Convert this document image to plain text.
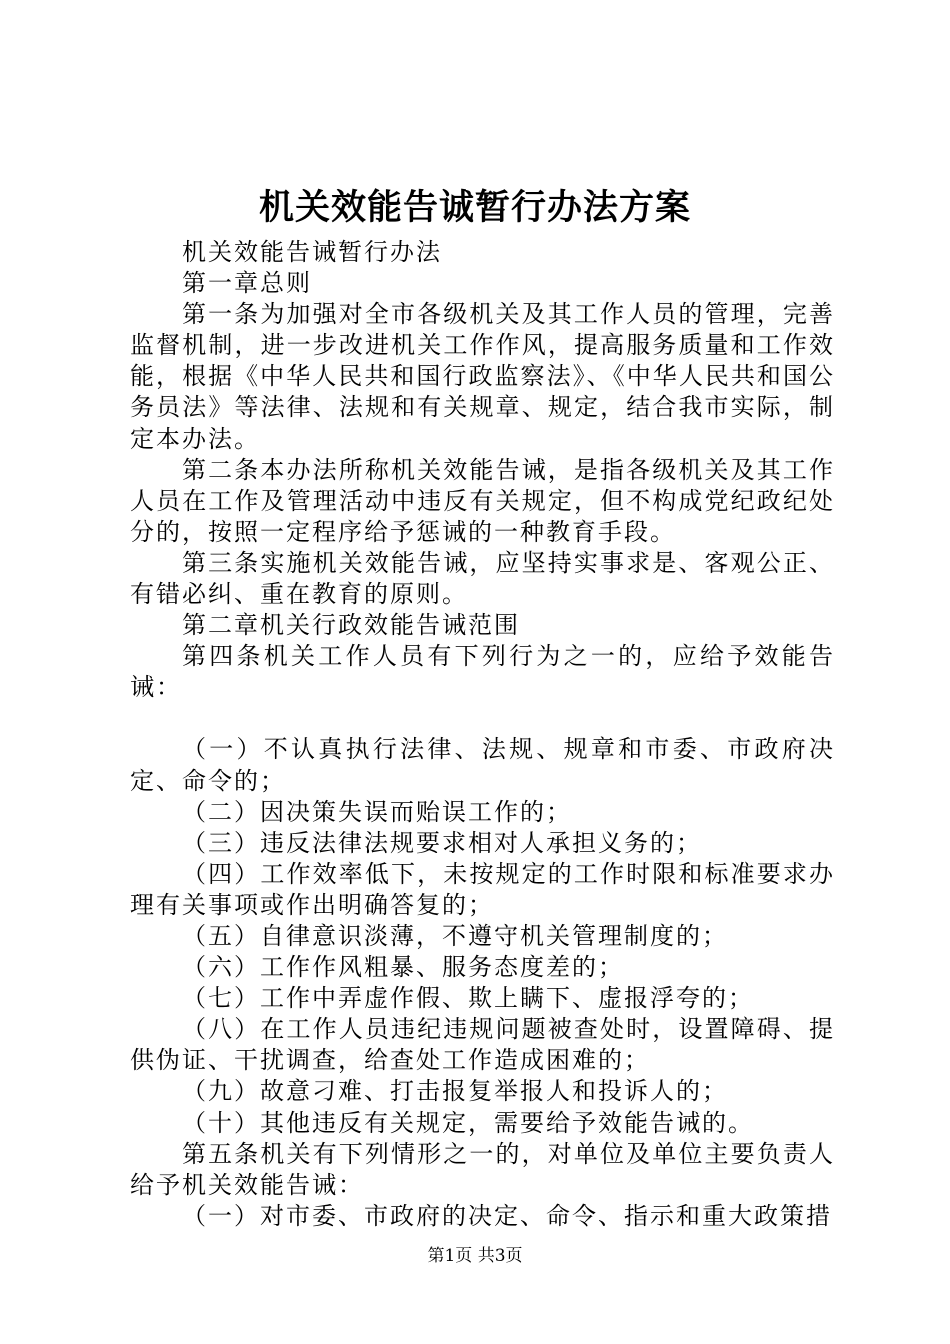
机关效能告诚暂行办法方案

机关效能告诫暂行办法

第一章总则

第一条为加强对全市各级机关及其工作人员的管理，完善监督机制，进一步改进机关工作作风，提高服务质量和工作效能，根据《中华人民共和国行政监察法》、《中华人民共和国公务员法》等法律、法规和有关规章、规定，结合我市实际，制定本办法。

第二条本办法所称机关效能告诫，是指各级机关及其工作人员在工作及管理活动中违反有关规定，但不构成党纪政纪处分的，按照一定程序给予惩诫的一种教育手段。

第三条实施机关效能告诫，应坚持实事求是、客观公正、有错必纠、重在教育的原则。

第二章机关行政效能告诫范围

第四条机关工作人员有下列行为之一的，应给予效能告诫：

（一）不认真执行法律、法规、规章和市委、市政府决定、命令的；

（二）因决策失误而贻误工作的；

（三）违反法律法规要求相对人承担义务的；

（四）工作效率低下，未按规定的工作时限和标准要求办理有关事项或作出明确答复的；

（五）自律意识淡薄，不遵守机关管理制度的；

（六）工作作风粗暴、服务态度差的；

（七）工作中弄虚作假、欺上瞒下、虚报浮夸的；

（八）在工作人员违纪违规问题被查处时，设置障碍、提供伪证、干扰调查，给查处工作造成困难的；

（九）故意刁难、打击报复举报人和投诉人的；

（十）其他违反有关规定，需要给予效能告诫的。

第五条机关有下列情形之一的，对单位及单位主要负责人给予机关效能告诫：

（一）对市委、市政府的决定、命令、指示和重大政策措

第1页 共3页
